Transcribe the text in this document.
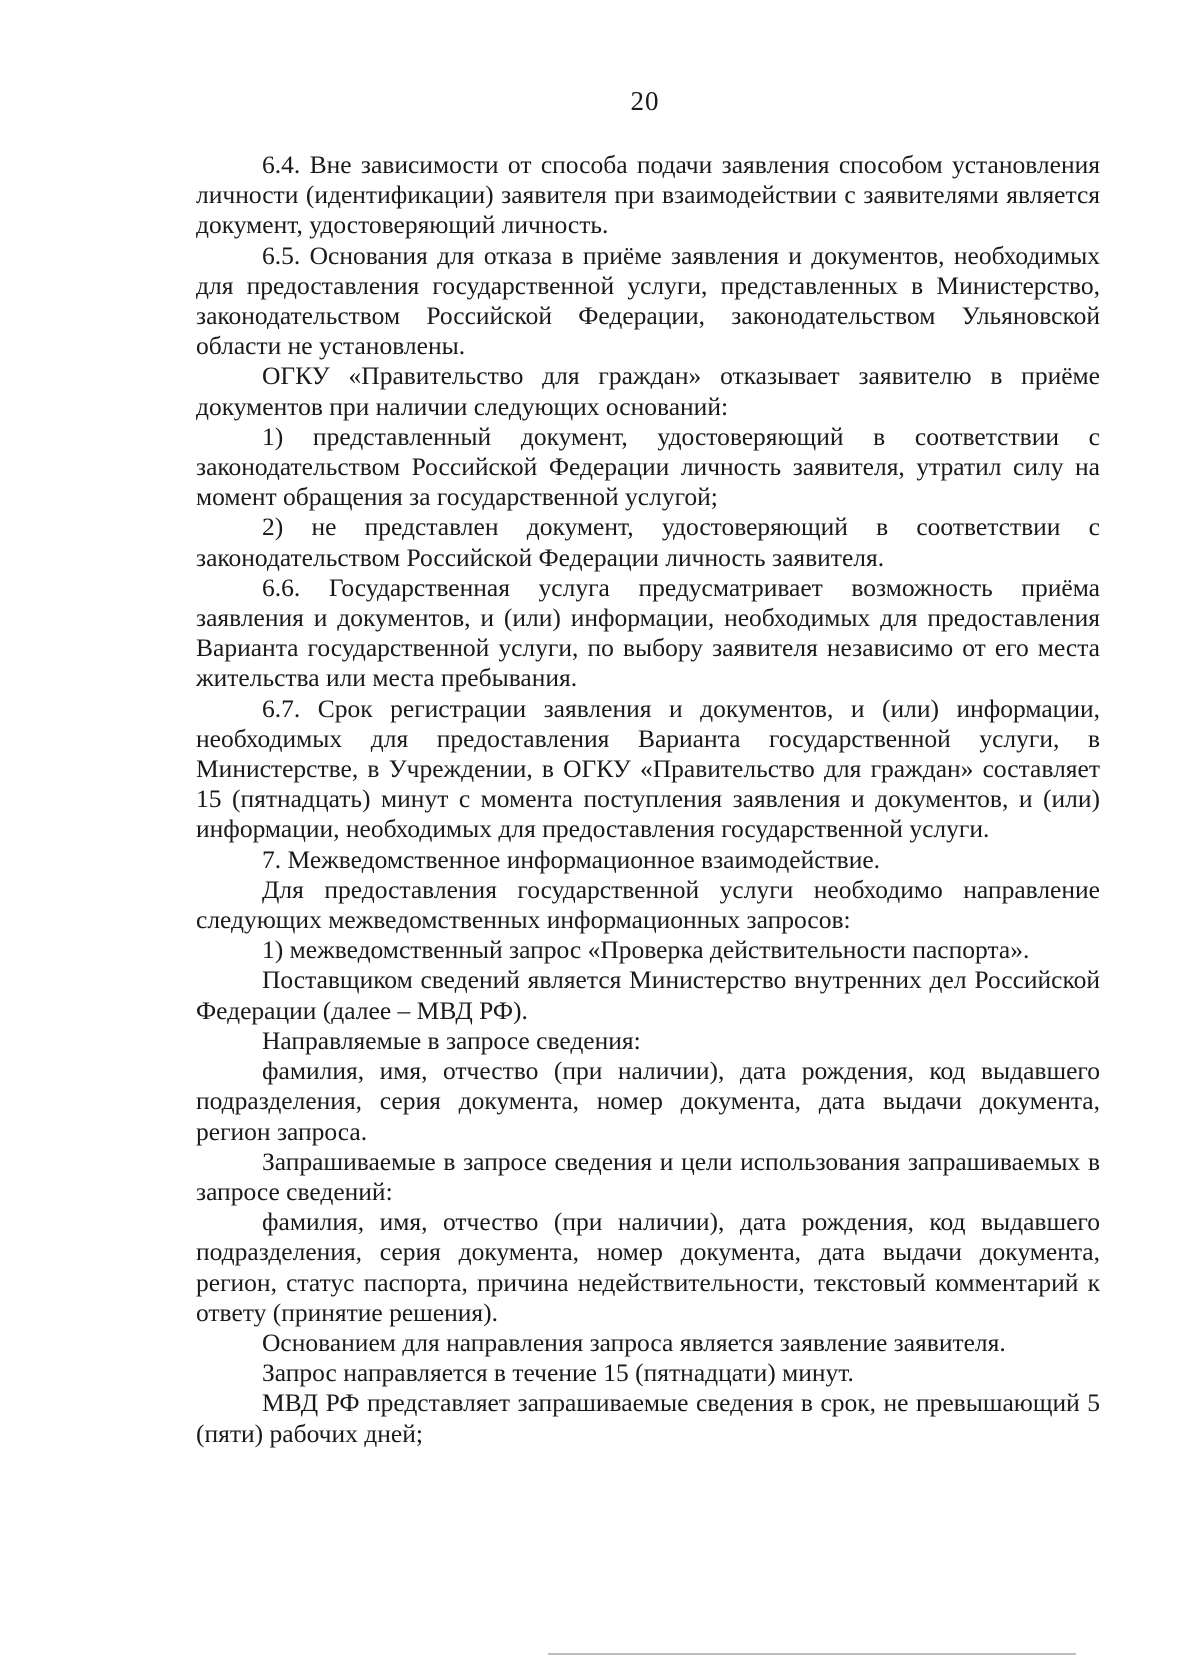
20

6.4. Вне зависимости от способа подачи заявления способом установления личности (идентификации) заявителя при взаимодействии с заявителями является документ, удостоверяющий личность.

6.5. Основания для отказа в приёме заявления и документов, необходимых для предоставления государственной услуги, представленных в Министерство, законодательством Российской Федерации, законодательством Ульяновской области не установлены.

ОГКУ «Правительство для граждан» отказывает заявителю в приёме документов при наличии следующих оснований:

1) представленный документ, удостоверяющий в соответствии с законодательством Российской Федерации личность заявителя, утратил силу на момент обращения за государственной услугой;

2) не представлен документ, удостоверяющий в соответствии с законодательством Российской Федерации личность заявителя.

6.6. Государственная услуга предусматривает возможность приёма заявления и документов, и (или) информации, необходимых для предоставления Варианта государственной услуги, по выбору заявителя независимо от его места жительства или места пребывания.

6.7. Срок регистрации заявления и документов, и (или) информации, необходимых для предоставления Варианта государственной услуги, в Министерстве, в Учреждении, в ОГКУ «Правительство для граждан» составляет 15 (пятнадцать) минут с момента поступления заявления и документов, и (или) информации, необходимых для предоставления государственной услуги.

7. Межведомственное информационное взаимодействие.

Для предоставления государственной услуги необходимо направление следующих межведомственных информационных запросов:

1) межведомственный запрос «Проверка действительности паспорта».

Поставщиком сведений является Министерство внутренних дел Российской Федерации (далее – МВД РФ).

Направляемые в запросе сведения:

фамилия, имя, отчество (при наличии), дата рождения, код выдавшего подразделения, серия документа, номер документа, дата выдачи документа, регион запроса.

Запрашиваемые в запросе сведения и цели использования запрашиваемых в запросе сведений:

фамилия, имя, отчество (при наличии), дата рождения, код выдавшего подразделения, серия документа, номер документа, дата выдачи документа, регион, статус паспорта, причина недействительности, текстовый комментарий к ответу (принятие решения).

Основанием для направления запроса является заявление заявителя.

Запрос направляется в течение 15 (пятнадцати) минут.

МВД РФ представляет запрашиваемые сведения в срок, не превышающий 5 (пяти) рабочих дней;
